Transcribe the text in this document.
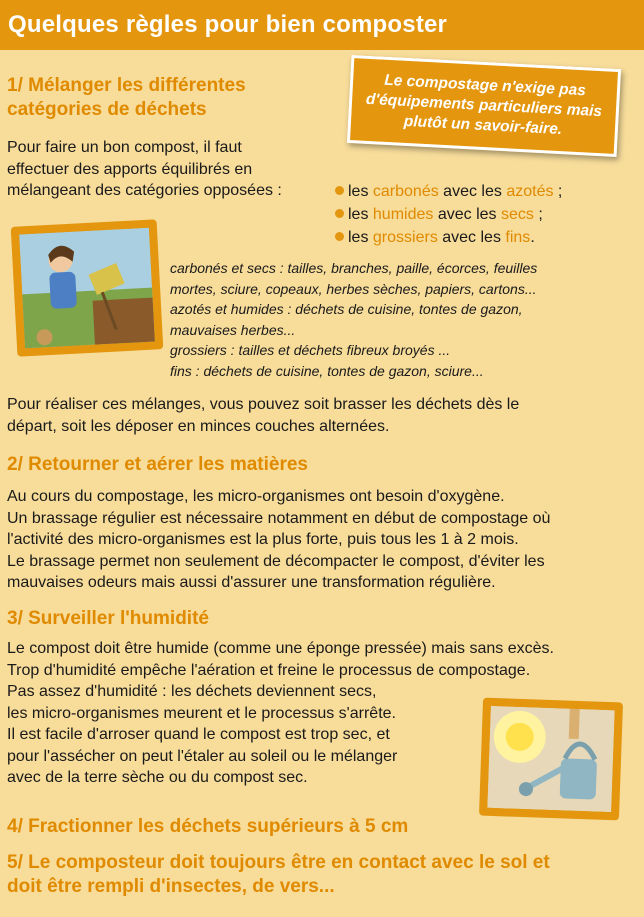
Quelques règles pour bien composter
1/ Mélanger les différentes
catégories de déchets
Le compostage n'exige pas d'équipements particuliers mais plutôt un savoir-faire.
Pour faire un bon compost, il faut
effectuer des apports équilibrés en
mélangeant des catégories opposées :	les carbonés avec les azotés ;
les humides avec les secs ;
les grossiers avec les fins.
carbonés et secs : tailles, branches, paille, écorces, feuilles
mortes, sciure, copeaux, herbes sèches, papiers, cartons...
azotés et humides : déchets de cuisine, tontes de gazon,
mauvaises herbes...
grossiers : tailles et déchets fibreux broyés ...
fins : déchets de cuisine, tontes de gazon, sciure...
Pour réaliser ces mélanges, vous pouvez soit brasser les déchets dès le
départ, soit les déposer en minces couches alternées.
2/ Retourner et aérer les matières
Au cours du compostage, les micro-organismes ont besoin d'oxygène.
Un brassage régulier est nécessaire notamment en début de compostage où
l'activité des micro-organismes est la plus forte, puis tous les 1 à 2 mois.
Le brassage permet non seulement de décompacter le compost, d'éviter les
mauvaises odeurs mais aussi d'assurer une transformation régulière.
3/ Surveiller l'humidité
Le compost doit être humide (comme une éponge pressée) mais sans excès.
Trop d'humidité empêche l'aération et freine le processus de compostage.
Pas assez d'humidité : les déchets deviennent secs,
les micro-organismes meurent et le processus s'arrête.
Il est facile d'arroser quand le compost est trop sec, et
pour l'assécher on peut l'étaler au soleil ou le mélanger
avec de la terre sèche ou du compost sec.
4/ Fractionner les déchets supérieurs à 5 cm
5/ Le composteur doit toujours être en contact avec le sol et
doit être rempli d'insectes, de vers...
